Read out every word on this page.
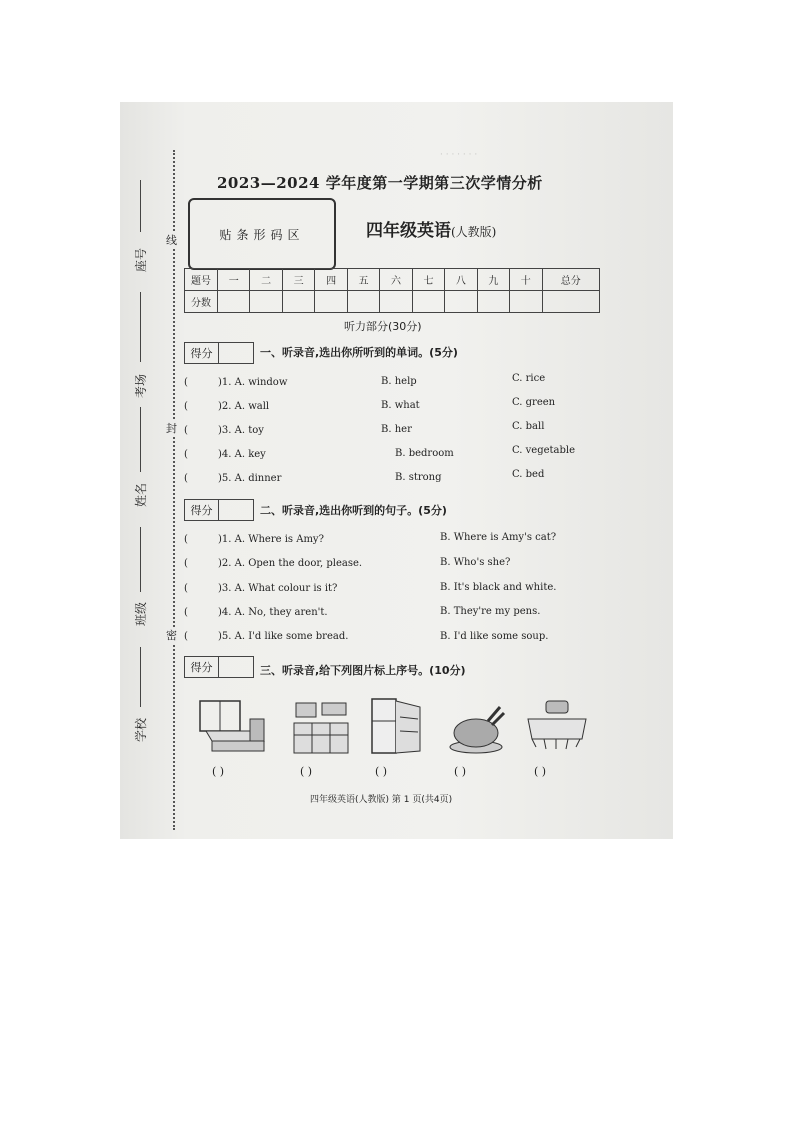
· · · · · · ·
座号
考场
姓名
班级
学校
线
封
密
2023—2024 学年度第一学期第三次学情分析
贴条形码区	四年级英语(人教版)
题号	一	二	三	四	五	六	七	八	九	十	总分
分数											
听力部分(30分)
得分	一、听录音,选出你所听到的单词。(5分)
(	)1. A. window	B. help	C. rice
(	)2. A. wall	B. what	C. green
(	)3. A. toy	B. her	C. ball
(	)4. A. key	B. bedroom	C. vegetable
(	)5. A. dinner	B. strong	C. bed
得分	二、听录音,选出你听到的句子。(5分)
(	)1. A. Where is Amy?	B. Where is Amy's cat?
(	)2. A. Open the door, please.	B. Who's she?
(	)3. A. What colour is it?	B. It's black and white.
(	)4. A. No, they aren't.	B. They're my pens.
(	)5. A. I'd like some bread.	B. I'd like some soup.
得分	三、听录音,给下列图片标上序号。(10分)
( )	( )	( )	( )	( )
四年级英语(人教版) 第 1 页(共4页)
